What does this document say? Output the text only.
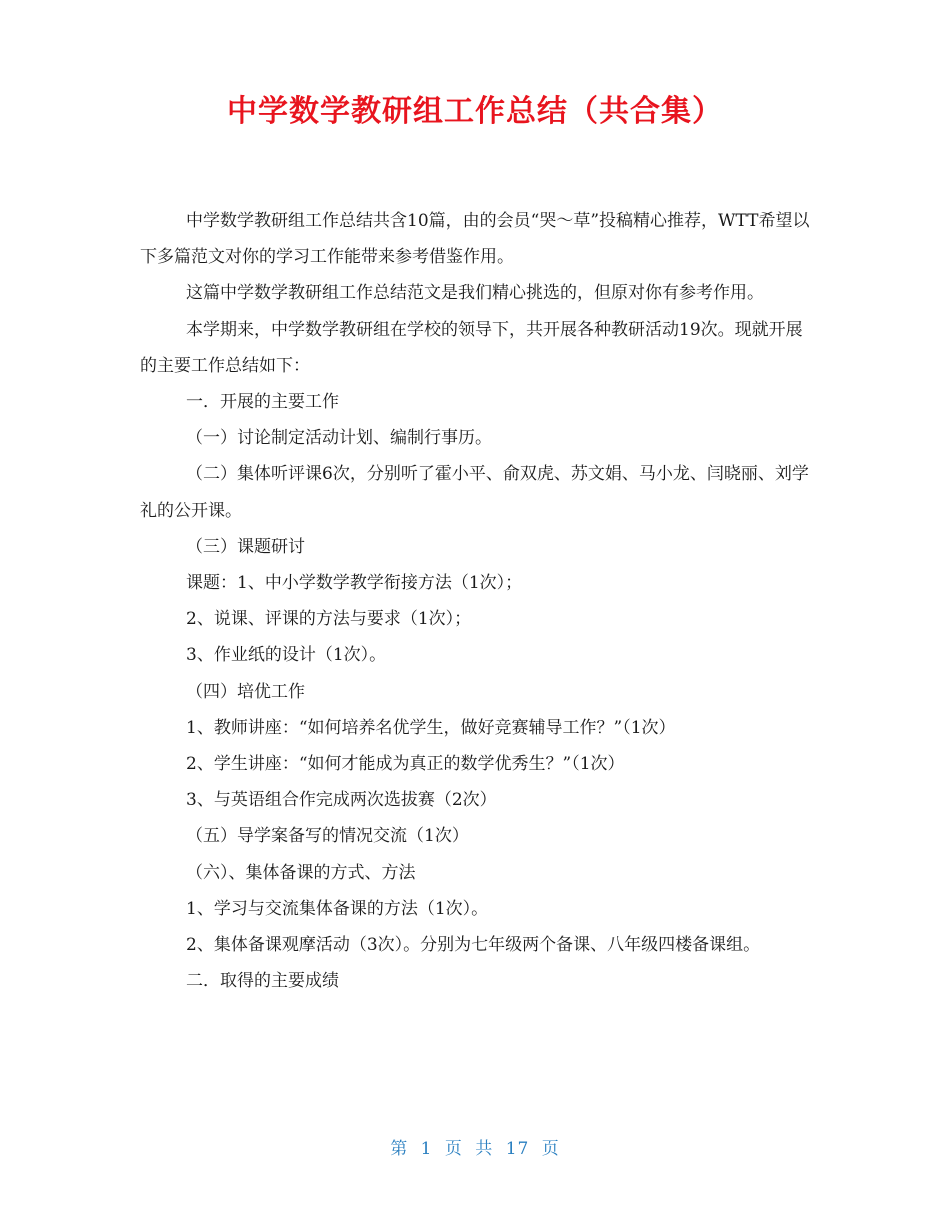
中学数学教研组工作总结（共合集）

中学数学教研组工作总结共含10篇，由的会员“哭～草”投稿精心推荐，WTT希望以下多篇范文对你的学习工作能带来参考借鉴作用。

这篇中学数学教研组工作总结范文是我们精心挑选的，但原对你有参考作用。

本学期来，中学数学教研组在学校的领导下，共开展各种教研活动19次。现就开展的主要工作总结如下：

一．开展的主要工作

（一）讨论制定活动计划、编制行事历。

（二）集体听评课6次，分别听了霍小平、俞双虎、苏文娟、马小龙、闫晓丽、刘学礼的公开课。

（三）课题研讨

课题：1、中小学数学教学衔接方法（1次）；

2、说课、评课的方法与要求（1次）；

3、作业纸的设计（1次）。

（四）培优工作

1、教师讲座：“如何培养名优学生，做好竞赛辅导工作？”（1次）

2、学生讲座：“如何才能成为真正的数学优秀生？”（1次）

3、与英语组合作完成两次选拔赛（2次）

（五）导学案备写的情况交流（1次）

（六）、集体备课的方式、方法

1、学习与交流集体备课的方法（1次）。

2、集体备课观摩活动（3次）。分别为七年级两个备课、八年级四楼备课组。

二．取得的主要成绩

第 1 页 共 17 页
